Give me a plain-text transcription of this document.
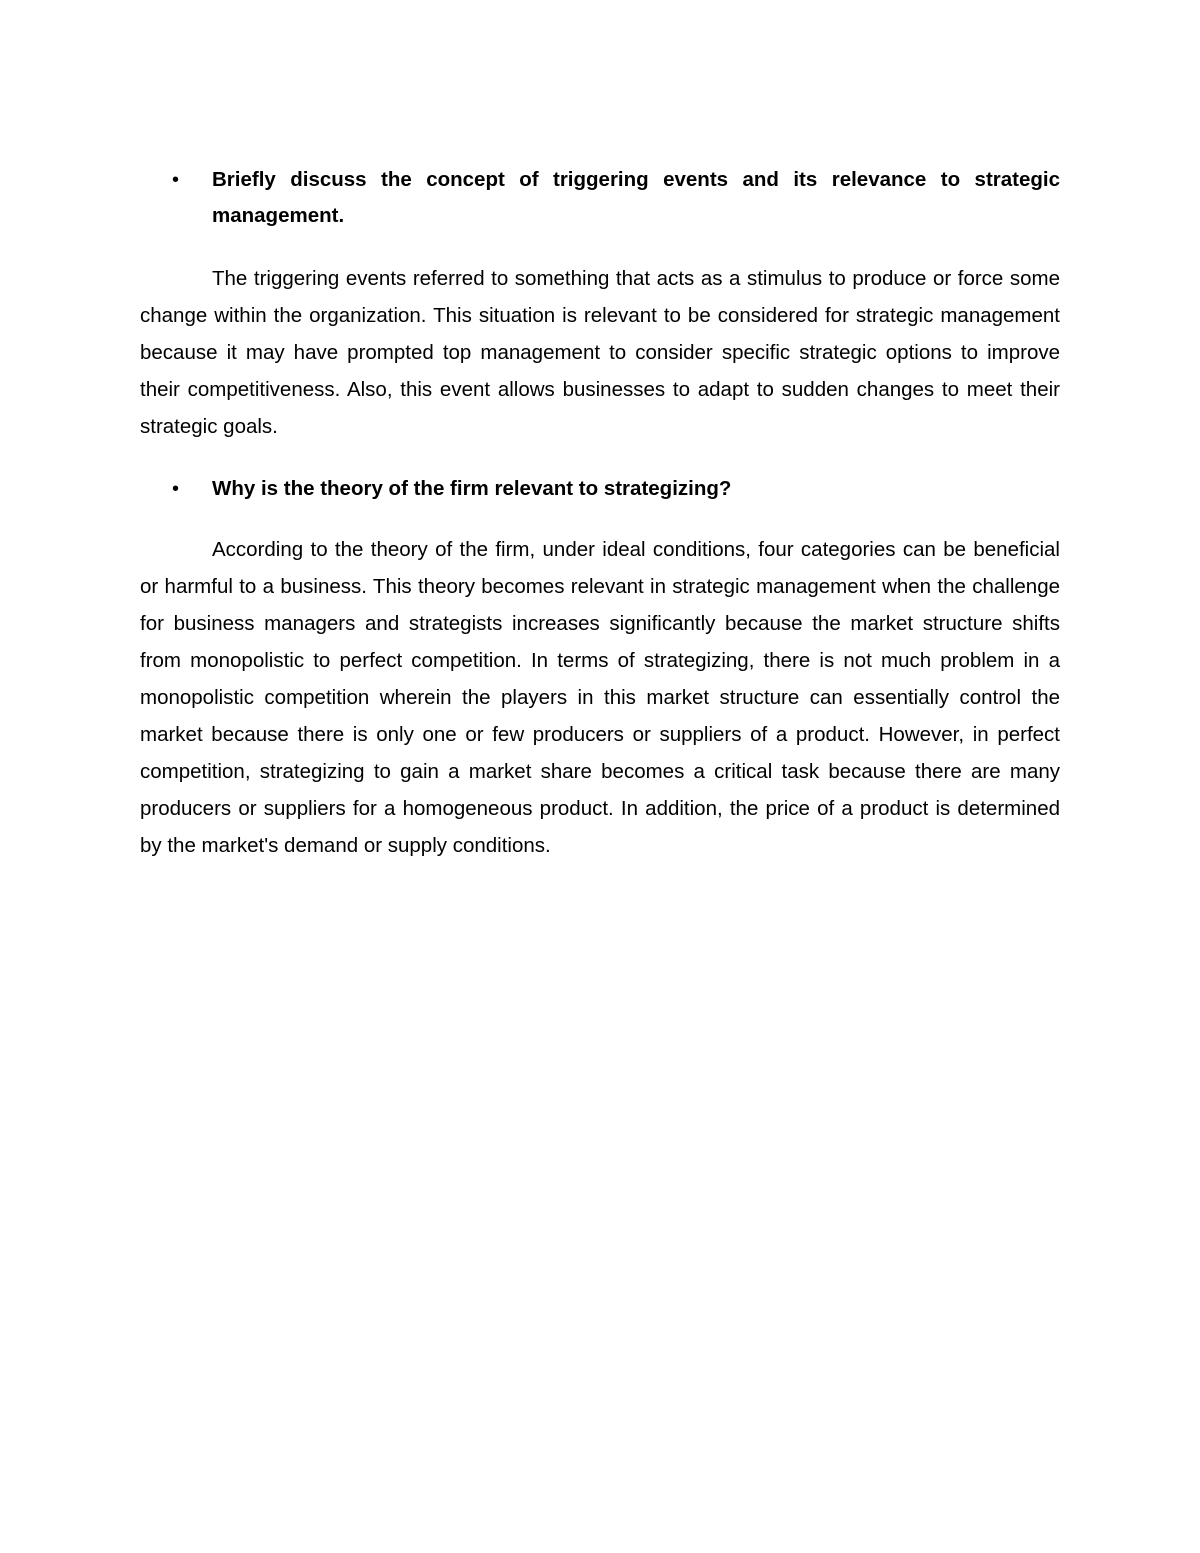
• Briefly discuss the concept of triggering events and its relevance to strategic management.

The triggering events referred to something that acts as a stimulus to produce or force some change within the organization. This situation is relevant to be considered for strategic management because it may have prompted top management to consider specific strategic options to improve their competitiveness. Also, this event allows businesses to adapt to sudden changes to meet their strategic goals.

• Why is the theory of the firm relevant to strategizing?

According to the theory of the firm, under ideal conditions, four categories can be beneficial or harmful to a business. This theory becomes relevant in strategic management when the challenge for business managers and strategists increases significantly because the market structure shifts from monopolistic to perfect competition. In terms of strategizing, there is not much problem in a monopolistic competition wherein the players in this market structure can essentially control the market because there is only one or few producers or suppliers of a product. However, in perfect competition, strategizing to gain a market share becomes a critical task because there are many producers or suppliers for a homogeneous product. In addition, the price of a product is determined by the market's demand or supply conditions.
